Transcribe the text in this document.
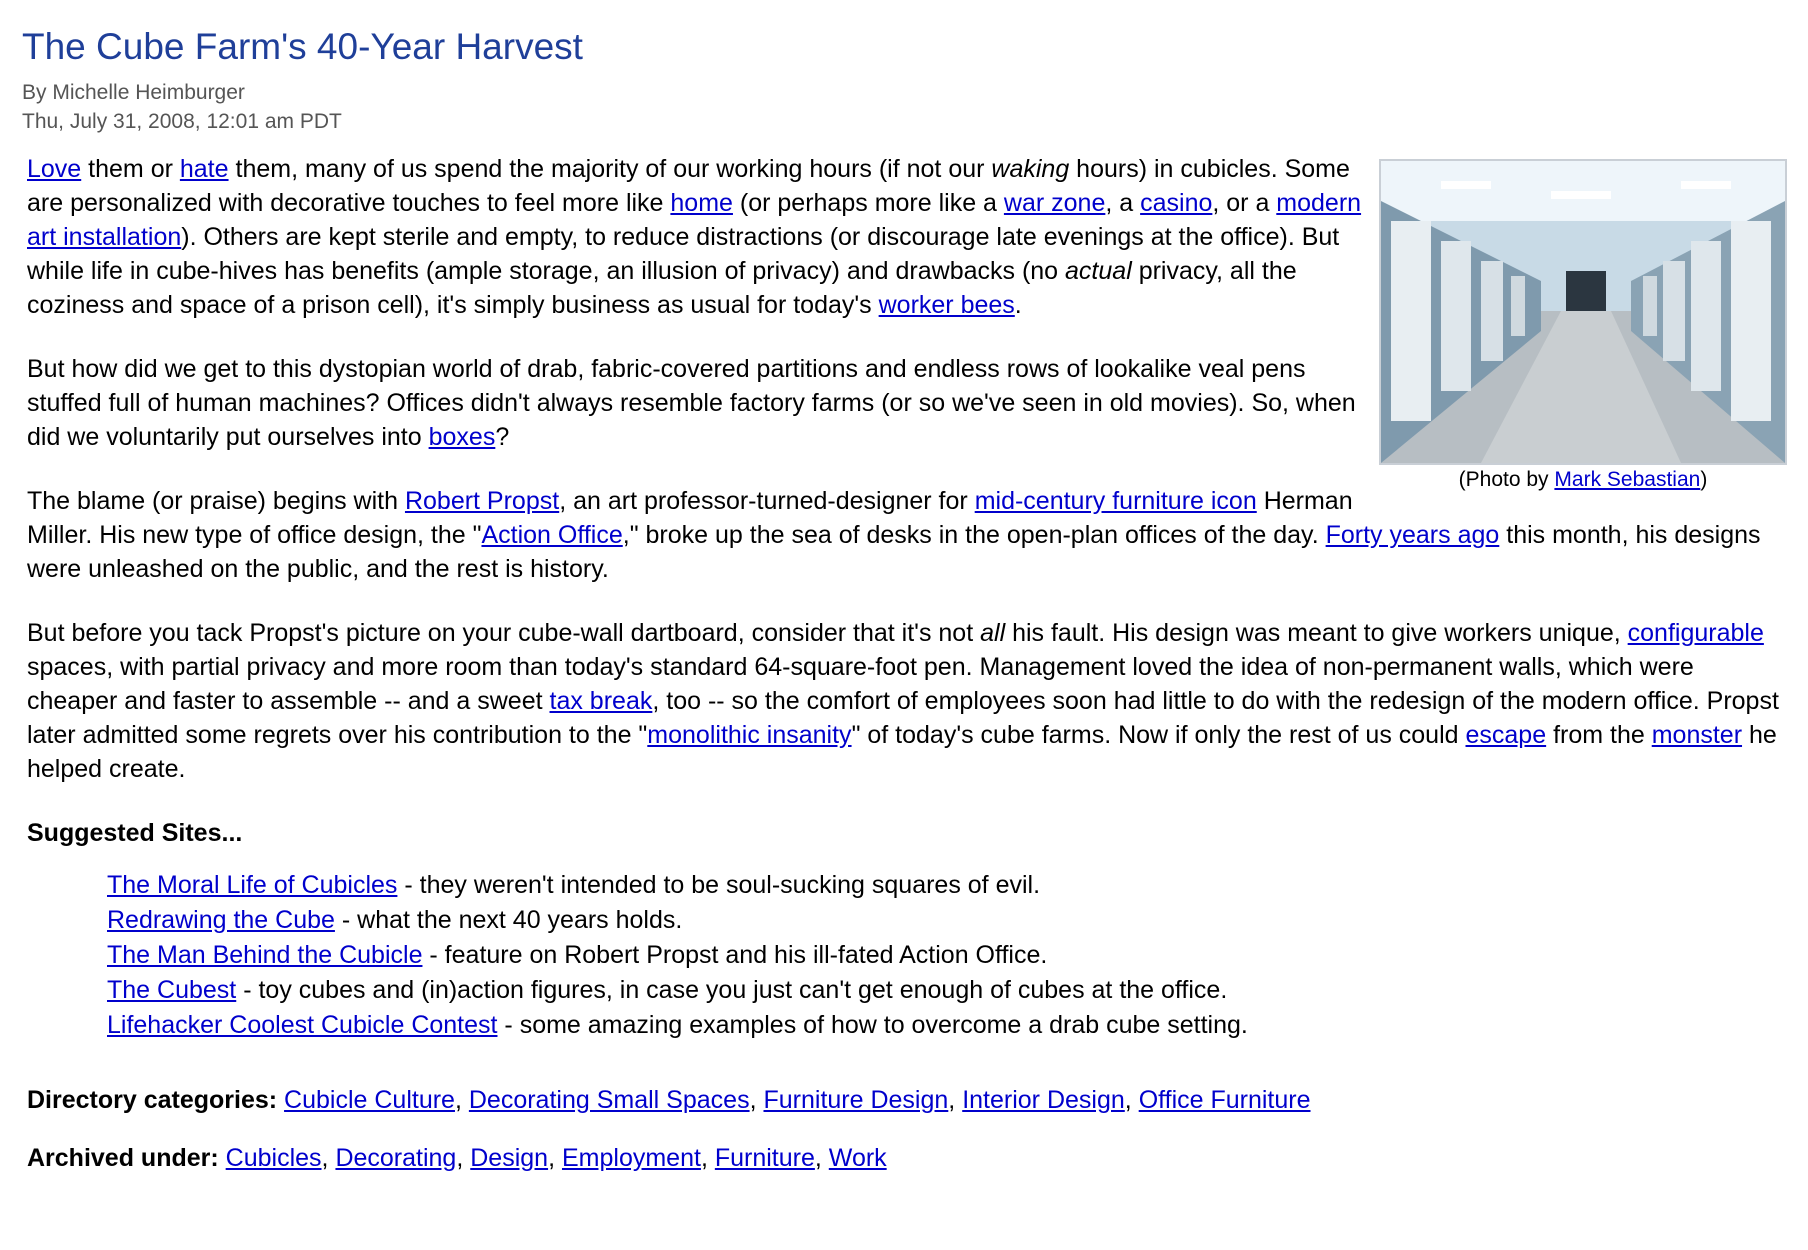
The Cube Farm's 40-Year Harvest
By Michelle Heimburger
Thu, July 31, 2008, 12:01 am PDT
(Photo by Mark Sebastian)

Love them or hate them, many of us spend the majority of our working hours (if not our waking hours) in cubicles. Some are personalized with decorative touches to feel more like home (or perhaps more like a war zone, a casino, or a modern art installation). Others are kept sterile and empty, to reduce distractions (or discourage late evenings at the office). But while life in cube-hives has benefits (ample storage, an illusion of privacy) and drawbacks (no actual privacy, all the coziness and space of a prison cell), it's simply business as usual for today's worker bees.

But how did we get to this dystopian world of drab, fabric-covered partitions and endless rows of lookalike veal pens stuffed full of human machines? Offices didn't always resemble factory farms (or so we've seen in old movies). So, when did we voluntarily put ourselves into boxes?

The blame (or praise) begins with Robert Propst, an art professor-turned-designer for mid-century furniture icon Herman Miller. His new type of office design, the "Action Office," broke up the sea of desks in the open-plan offices of the day. Forty years ago this month, his designs were unleashed on the public, and the rest is history.

But before you tack Propst's picture on your cube-wall dartboard, consider that it's not all his fault. His design was meant to give workers unique, configurable spaces, with partial privacy and more room than today's standard 64-square-foot pen. Management loved the idea of non-permanent walls, which were cheaper and faster to assemble -- and a sweet tax break, too -- so the comfort of employees soon had little to do with the redesign of the modern office. Propst later admitted some regrets over his contribution to the "monolithic insanity" of today's cube farms. Now if only the rest of us could escape from the monster he helped create.

Suggested Sites...
The Moral Life of Cubicles - they weren't intended to be soul-sucking squares of evil.
Redrawing the Cube - what the next 40 years holds.
The Man Behind the Cubicle - feature on Robert Propst and his ill-fated Action Office.
The Cubest - toy cubes and (in)action figures, in case you just can't get enough of cubes at the office.
Lifehacker Coolest Cubicle Contest - some amazing examples of how to overcome a drab cube setting.
Directory categories: Cubicle Culture, Decorating Small Spaces, Furniture Design, Interior Design, Office Furniture
Archived under: Cubicles, Decorating, Design, Employment, Furniture, Work
